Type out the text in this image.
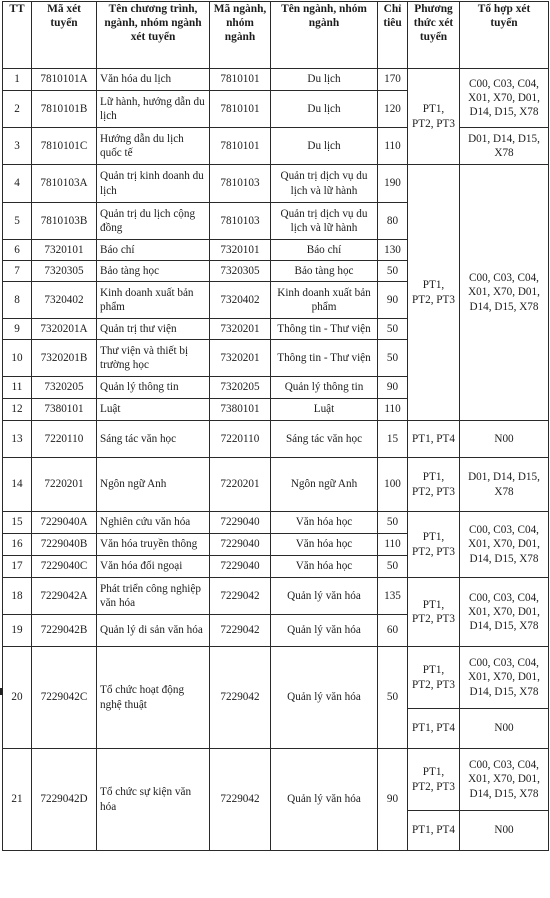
TT	Mã xét tuyển	Tên chương trình, ngành, nhóm ngành xét tuyển	Mã ngành, nhóm ngành	Tên ngành, nhóm ngành	Chỉ tiêu	Phương thức xét tuyển	Tổ hợp xét tuyển
1	7810101A	Văn hóa du lịch	7810101	Du lịch	170	PT1, PT2, PT3	C00, C03, C04, X01, X70, D01, D14, D15, X78
2	7810101B	Lữ hành, hướng dẫn du lịch	7810101	Du lịch	120		
3	7810101C	Hướng dẫn du lịch quốc tế	7810101	Du lịch	110		D01, D14, D15, X78
4	7810103A	Quản trị kinh doanh du lịch	7810103	Quản trị dịch vụ du lịch và lữ hành	190	PT1, PT2, PT3	C00, C03, C04, X01, X70, D01, D14, D15, X78
5	7810103B	Quản trị du lịch cộng đồng	7810103	Quản trị dịch vụ du lịch và lữ hành	80		
6	7320101	Báo chí	7320101	Báo chí	130		
7	7320305	Bảo tàng học	7320305	Bảo tàng học	50		
8	7320402	Kinh doanh xuất bản phẩm	7320402	Kinh doanh xuất bản phẩm	90		
9	7320201A	Quản trị thư viện	7320201	Thông tin - Thư viện	50		
10	7320201B	Thư viện và thiết bị trường học	7320201	Thông tin - Thư viện	50		
11	7320205	Quản lý thông tin	7320205	Quản lý thông tin	90		
12	7380101	Luật	7380101	Luật	110		
13	7220110	Sáng tác văn học	7220110	Sáng tác văn học	15	PT1, PT4	N00
14	7220201	Ngôn ngữ Anh	7220201	Ngôn ngữ Anh	100	PT1, PT2, PT3	D01, D14, D15, X78
15	7229040A	Nghiên cứu văn hóa	7229040	Văn hóa học	50	PT1, PT2, PT3	C00, C03, C04, X01, X70, D01, D14, D15, X78
16	7229040B	Văn hóa truyền thông	7229040	Văn hóa học	110		
17	7229040C	Văn hóa đối ngoại	7229040	Văn hóa học	50		
18	7229042A	Phát triển công nghiệp văn hóa	7229042	Quản lý văn hóa	135	PT1, PT2, PT3	C00, C03, C04, X01, X70, D01, D14, D15, X78
19	7229042B	Quản lý di sản văn hóa	7229042	Quản lý văn hóa	60		
20	7229042C	Tổ chức hoạt động nghệ thuật	7229042	Quản lý văn hóa	50	PT1, PT2, PT3	C00, C03, C04, X01, X70, D01, D14, D15, X78
						PT1, PT4	N00
21	7229042D	Tổ chức sự kiện văn hóa	7229042	Quản lý văn hóa	90	PT1, PT2, PT3	C00, C03, C04, X01, X70, D01, D14, D15, X78
						PT1, PT4	N00
